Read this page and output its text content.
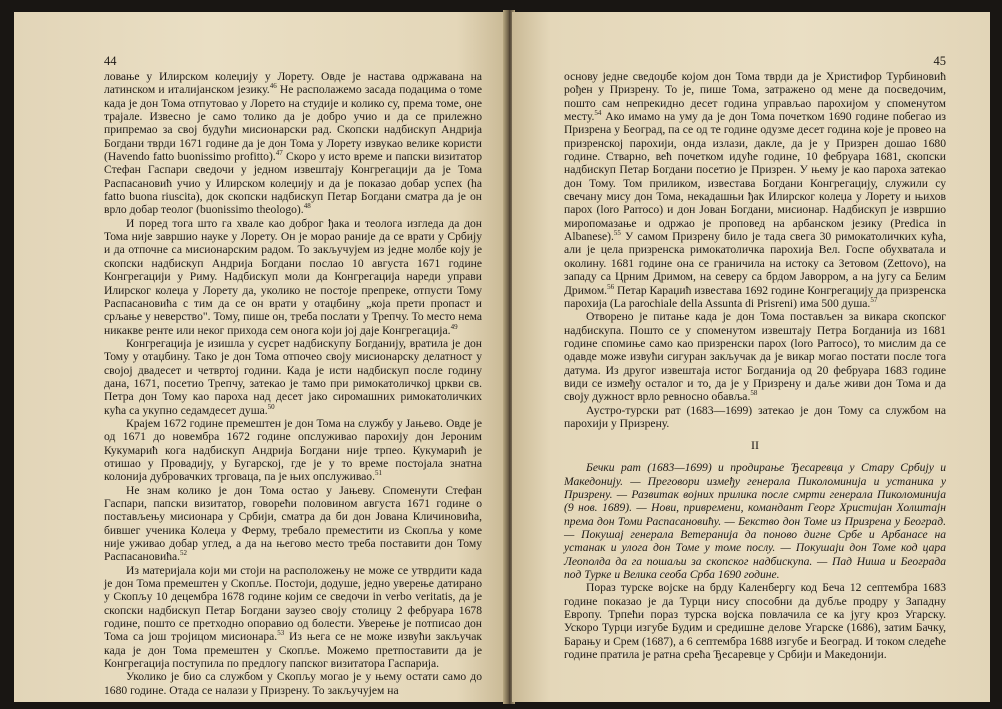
44

ловање у Илирском колеџију у Лорету. Овде је настава одржавана на латинском и италијанском језику.$^{46}$ Не располажемо засада подацима о томе када је дон Тома отпутовао у Лорето на студије и колико су, према томе, оне трајале. Извесно је само толико да је добро учио и да се прилежно припремао за свој будући мисионарски рад. Скопски надбискуп Андрија Богдани тврди 1671 године да је дон Тома у Лорету извукао велике користи (Havendo fatto buonissimo profitto).$^{47}$ Скоро у исто време и папски визитатор Стефан Гаспари сведочи у једном извештају Конгрегацији да је Тома Распасановић учио у Илирском колеџију и да је показао добар успех (ha fatto buona riuscita), док скопски надбискуп Петар Богдани сматра да је он врло добар теолог (buonissimo theologo).$^{48}$

И поред тога што га хвале као доброг ђака и теолога изгледа да дон Тома није завршио науке у Лорету. Он је морао раније да се врати у Србију и да отпочне са мисионарским радом. То закључујем из једне молбе коју је скопски надбискуп Андрија Богдани послао 10 августа 1671 године Конгрегацији у Риму. Надбискуп моли да Конгрегација нареди управи Илирског колеџа у Лорету да, уколико не постоје препреке, отпусти Тому Распасановића с тим да се он врати у отаџбину „која прети пропаст и срљање у неверство". Тому, пише он, треба послати у Трепчу. То место нема никакве ренте или неког прихода сем онога који јој даје Конгрегација.$^{49}$

Конгрегација је изишла у сусрет надбискупу Богданију, вратила је дон Тому у отаџбину. Тако је дон Тома отпочео своју мисионарску делатност у својој двадесет и четвртој години. Када је исти надбискуп после годину дана, 1671, посетио Трепчу, затекао је тамо при римокатоличкој цркви св. Петра дон Тому као пароха над десет јако сиромашних римокатоличких кућа са укупно седамдесет душа.$^{50}$

Крајем 1672 године премештен је дон Тома на службу у Јањево. Овде је од 1671 до новембра 1672 године опслуживао парохију дон Јероним Кукумарић кога надбискуп Андрија Богдани није трпео. Кукумарић је отишао у Провадију, у Бугарској, где је у то време постојала знатна колонија дубровачких трговаца, па је њих опслуживао.$^{51}$

Не знам колико је дон Тома остао у Јањеву. Споменути Стефан Гаспари, папски визитатор, говорећи половином августа 1671 године о постављењу мисионара у Србији, сматра да би дон Јована Кличиновића, бившег ученика Колеџа у Ферму, требало преместити из Скопља у коме није уживао добар углед, а да на његово место треба поставити дон Тому Распасановића.$^{52}$

Из материјала који ми стоји на расположењу не може се утврдити када је дон Тома премештен у Скопље. Постоји, додуше, једно уверење датирано у Скопљу 10 децембра 1678 године којим се сведочи in verbo veritatis, да је скопски надбискуп Петар Богдани заузео своју столицу 2 фебруара 1678 године, пошто се претходно опоравио од болести. Уверење је потписао дон Тома са још тројицом мисионара.$^{53}$ Из њега се не може извући закључак када је дон Тома премештен у Скопље. Можемо претпоставити да је Конгрегација поступила по предлогу папског визитатора Гаспарија.

Уколико је био са службом у Скопљу могао је у њему остати само до 1680 године. Отада се налази у Призрену. То закључујем на

45

основу једне сведоџбе коjом дон Тома тврди да је Христифор Турбиновић рођен у Призрену. То је, пише Тома, затражено од мене да посведочим, пошто сам непрекидно десет година управљао парохијом у споменутом месту.$^{54}$ Ако имамо на уму да је дон Тома почетком 1690 године побегао из Призрена у Београд, па се од те године одузме десет година које је провео на призренској парохији, онда излази, дакле, да је у Призрен дошао 1680 године. Стварно, већ почетком идуће године, 10 фебруара 1681, скопски надбискуп Петар Богдани посетио је Призрен. У њему је као пароха затекао дон Тому. Том приликом, известава Богдани Конгрегацију, служили су свечану мису дон Тома, некадашњи ђак Илирског колеџа у Лорету и њихов парох (loro Parroco) и дон Јован Богдани, мисионар. Надбискуп је извршио миропомазање и одржао је проповед на арбанском језику (Predica in Albanese).$^{55}$ У самом Призрену било је тада свега 30 римокатоличких кућа, али је цела призренска римокатоличка парохија Вел. Госпе обухватала и околину. 1681 године она се граничила на истоку са Зетовом (Zettovo), на западу са Црним Дримом, на северу са брдом Јаворром, а на југу са Белим Дримом.$^{56}$ Петар Караџић известава 1692 године Конгрегацију да призренска парохија (La parochiale della Assunta di Prisreni) има 500 душа.$^{57}$

Отворено је питање када је дон Тома постављен за викара скопског надбискупа. Пошто се у споменутом извештају Петра Богданија из 1681 године спомиње само као призренски парох (loro Parroco), то мислим да се одавде може извући сигуран закључак да је викар могао постати после тога датума. Из другог извештаја истог Богданија од 20 фебруара 1683 године види се између осталог и то, да је у Призрену и даље живи дон Тома и да своју дужност врло ревносно обавља.$^{58}$

Аустро-турски рат (1683—1699) затекао је дон Тому са службом на парохији у Призрену.

II

Бечки рат (1683—1699) и продирање Ђесаревца у Стару Србију и Македонију. — Преговори између генерала Пиколоминија и устаника у Призрену. — Развитак војних прилика после смрти генерала Пиколоминија (9 нов. 1689). — Нови, привремени, командант Георг Христијан Холштајн према дон Томи Распасановићу. — Бекство дон Томе из Призрена у Београд. — Покушај генерала Ветеранија да поново дигне Србе и Арбанасе на устанак и улога дон Томе у томе послу. — Покушаји дон Томе код цара Леополда да га пошаљи за скопског надбискупа. — Пад Ниша и Београда под Турке и Велика сеоба Срба 1690 године.

Пораз турске војске на брду Каленбергу код Беча 12 септембра 1683 године показао је да Турци нису способни да дубље продру у Западну Европу. Трпећи пораз турска војска повлачила се ка југу кроз Угарску. Ускоро Турци изгубе Будим и средишне делове Угарске (1686), затим Бачку, Барању и Срем (1687), а 6 септембра 1688 изгубе и Београд. И током следеће године пратила је ратна срећа Ђесаревце у Србији и Македонији.
